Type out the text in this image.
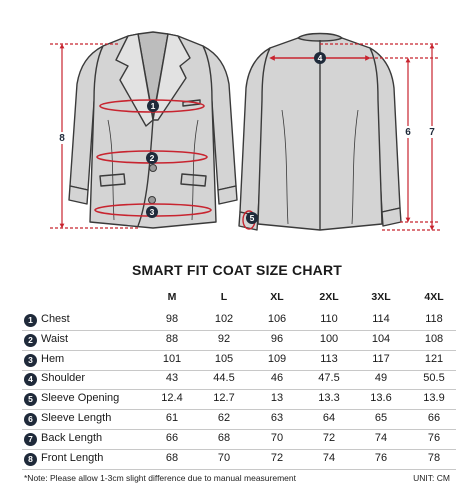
1
2
3
4
5
6 7
8
SMART FIT COAT SIZE CHART
M	L	XL	2XL	3XL	4XL
1 Chest	98	102	106	110	114	118
2 Waist	88	92	96	100	104	108
3 Hem	101	105	109	113	117	121
4 Shoulder	43	44.5	46	47.5	49	50.5
5 Sleeve Opening	12.4	12.7	13	13.3	13.6	13.9
6 Sleeve Length	61	62	63	64	65	66
7 Back Length	66	68	70	72	74	76
8 Front Length	68	70	72	74	76	78
*Note: Please allow 1-3cm slight difference due to manual measurement	UNIT: CM
